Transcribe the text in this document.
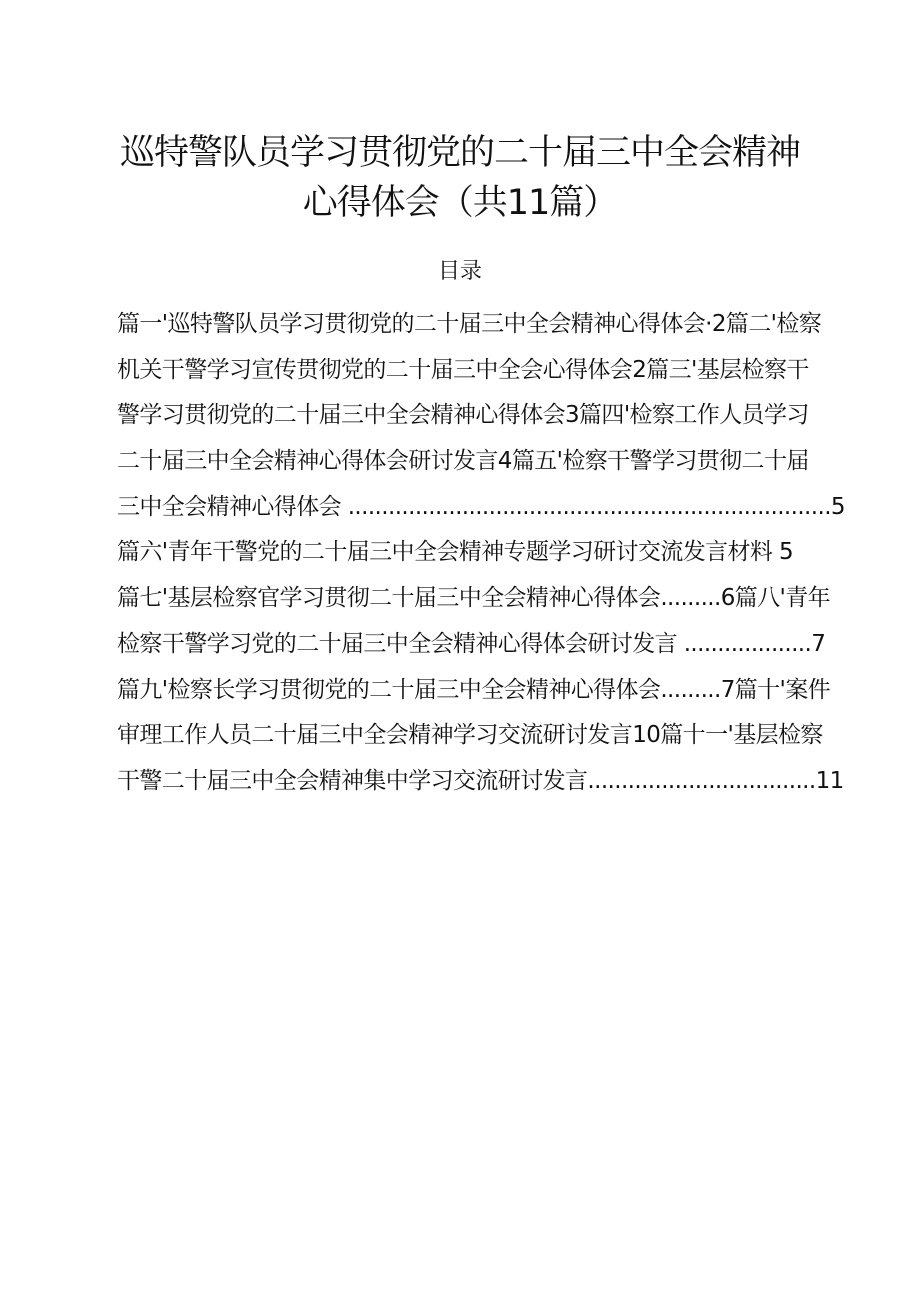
巡特警队员学习贯彻党的二十届三中全会精神
心得体会（共11篇）
目录
篇一'巡特警队员学习贯彻党的二十届三中全会精神心得体会·2篇二'检察
机关干警学习宣传贯彻党的二十届三中全会心得体会2篇三'基层检察干
警学习贯彻党的二十届三中全会精神心得体会3篇四'检察工作人员学习
二十届三中全会精神心得体会研讨发言4篇五'检察干警学习贯彻二十届
三中全会精神心得体会 ........................................................................5
篇六'青年干警党的二十届三中全会精神专题学习研讨交流发言材料 5
篇七'基层检察官学习贯彻二十届三中全会精神心得体会.........6篇八'青年
检察干警学习党的二十届三中全会精神心得体会研讨发言 ...................7
篇九'检察长学习贯彻党的二十届三中全会精神心得体会.........7篇十'案件
审理工作人员二十届三中全会精神学习交流研讨发言10篇十一'基层检察
干警二十届三中全会精神集中学习交流研讨发言..................................11
